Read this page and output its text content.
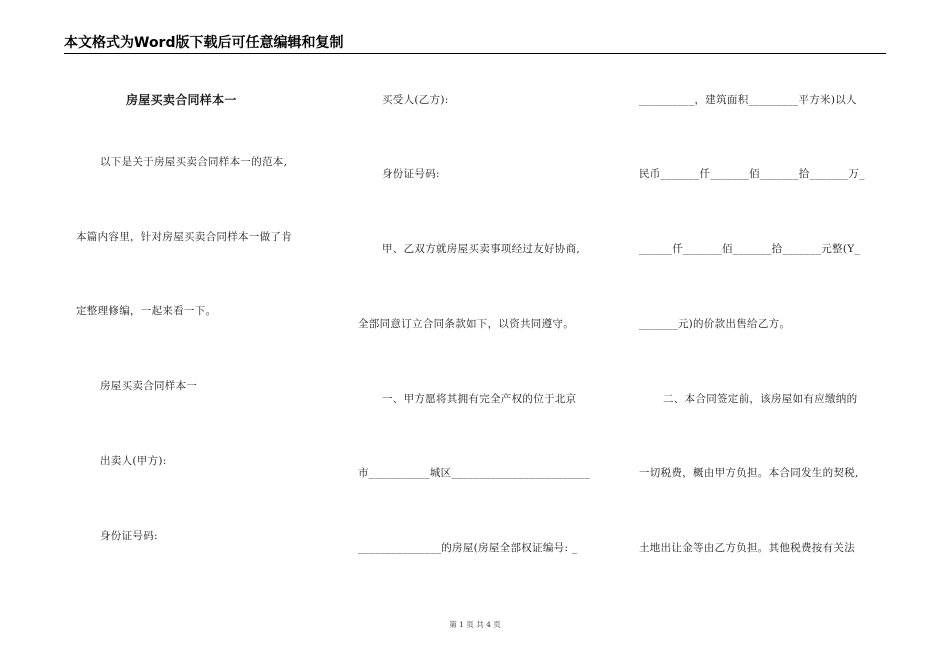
本文格式为Word版下载后可任意编辑和复制
房屋买卖合同样本一
以下是关于房屋买卖合同样本一的范本,
本篇内容里，针对房屋买卖合同样本一做了肯
定整理修编，一起来看一下。
房屋买卖合同样本一
出卖人(甲方):
身份证号码:
买受人(乙方):
身份证号码:
甲、乙双方就房屋买卖事项经过友好协商,
全部同意订立合同条款如下，以资共同遵守。
一、甲方愿将其拥有完全产权的位于北京
市___________城区_________________________
_______________的房屋(房屋全部权证编号: _
__________，建筑面积_________平方米)以人
民币_______仟_______佰_______拾_______万_
______仟_______佰_______拾_______元整(Y_
_______元)的价款出售给乙方。
二、本合同签定前，该房屋如有应缴纳的
一切税费，概由甲方负担。本合同发生的契税,
土地出让金等由乙方负担。其他税费按有关法
第 1 页 共 4 页
